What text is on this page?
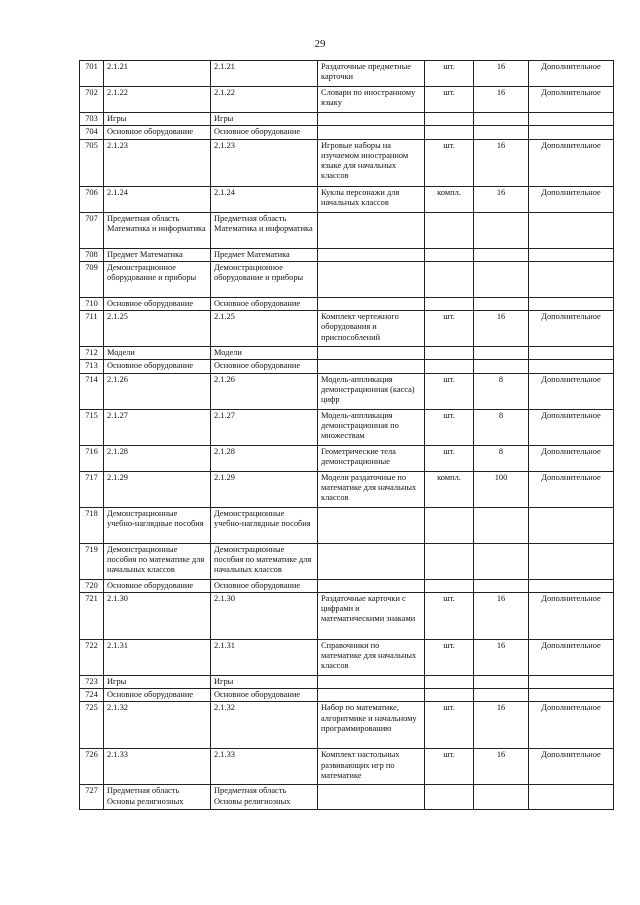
29
701	2.1.21	2.1.21	Раздаточные предметные карточки	шт.	16	Дополнительное
702	2.1.22	2.1.22	Словари по иностранному языку	шт.	16	Дополнительное
703	Игры	Игры				
704	Основное оборудование	Основное оборудование				
705	2.1.23	2.1.23	Игровые наборы на изучаемом иностранном языке для начальных классов	шт.	16	Дополнительное
706	2.1.24	2.1.24	Куклы персонажи для начальных классов	компл.	16	Дополнительное
707	Предметная область Математика и информатика	Предметная область Математика и информатика				
708	Предмет Математика	Предмет Математика				
709	Демонстрационное оборудование и приборы	Демонстрационное оборудование и приборы				
710	Основное оборудование	Основное оборудование				
711	2.1.25	2.1.25	Комплект чертежного оборудования и приспособлений	шт.	16	Дополнительное
712	Модели	Модели				
713	Основное оборудование	Основное оборудование				
714	2.1.26	2.1.26	Модель-аппликация демонстрационная (касса) цифр	шт.	8	Дополнительное
715	2.1.27	2.1.27	Модель-аппликация демонстрационная по множествам	шт.	8	Дополнительное
716	2.1.28	2.1.28	Геометрические тела демонстрационные	шт.	8	Дополнительное
717	2.1.29	2.1.29	Модели раздаточные по математике для начальных классов	компл.	100	Дополнительное
718	Демонстрационные учебно-наглядные пособия	Демонстрационные учебно-наглядные пособия				
719	Демонстрационные пособия по математике для начальных классов	Демонстрационные пособия по математике для начальных классов				
720	Основное оборудование	Основное оборудование				
721	2.1.30	2.1.30	Раздаточные карточки с цифрами и математическими знаками	шт.	16	Дополнительное
722	2.1.31	2.1.31	Справочники по математике для начальных классов	шт.	16	Дополнительное
723	Игры	Игры				
724	Основное оборудование	Основное оборудование				
725	2.1.32	2.1.32	Набор по математике, алгоритмике и начальному программированию	шт.	16	Дополнительное
726	2.1.33	2.1.33	Комплект настольных развивающих игр по математике	шт.	16	Дополнительное
727	Предметная область Основы религиозных	Предметная область Основы религиозных				
